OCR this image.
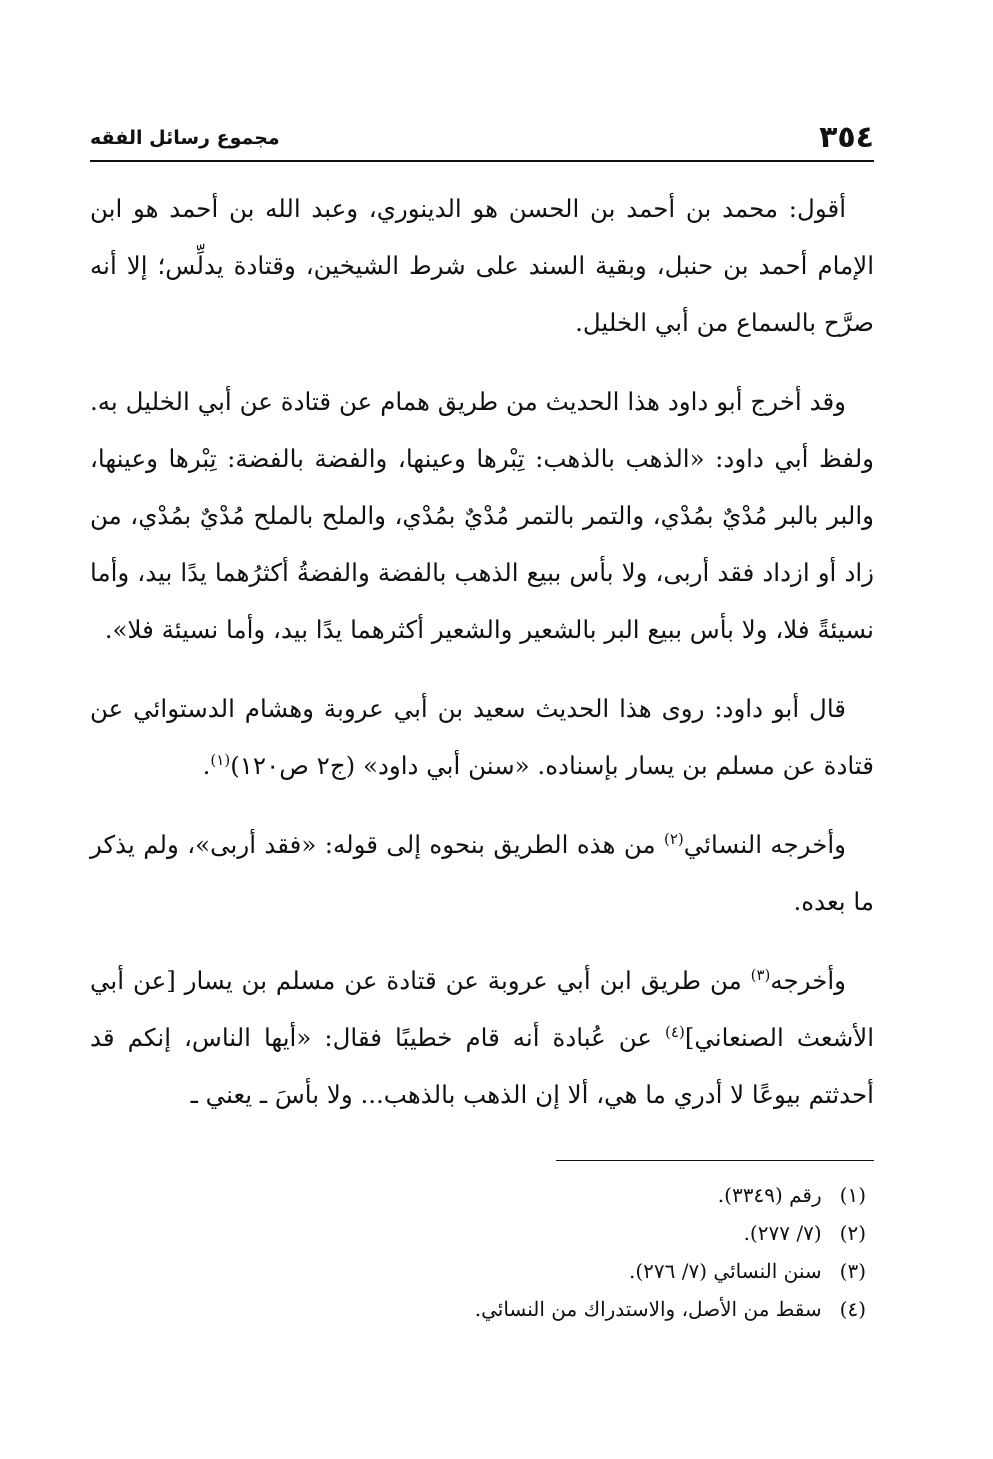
٣٥٤
مجموع رسائل الفقه

أقول: محمد بن أحمد بن الحسن هو الدينوري، وعبد الله بن أحمد هو ابن الإمام أحمد بن حنبل، وبقية السند على شرط الشيخين، وقتادة يدلِّس؛ إلا أنه صرَّح بالسماع من أبي الخليل.

وقد أخرج أبو داود هذا الحديث من طريق همام عن قتادة عن أبي الخليل به. ولفظ أبي داود: «الذهب بالذهب: تِبْرها وعينها، والفضة بالفضة: تِبْرها وعينها، والبر بالبر مُدْيٌ بمُدْي، والتمر بالتمر مُدْيٌ بمُدْي، والملح بالملح مُدْيٌ بمُدْي، من زاد أو ازداد فقد أربى، ولا بأس ببيع الذهب بالفضة والفضةُ أكثرُهما يدًا بيد، وأما نسيئةً فلا، ولا بأس ببيع البر بالشعير والشعير أكثرهما يدًا بيد، وأما نسيئة فلا».

قال أبو داود: روى هذا الحديث سعيد بن أبي عروبة وهشام الدستوائي عن قتادة عن مسلم بن يسار بإسناده. «سنن أبي داود» (ج٢ ص١٢٠)$^{(١)}$.

وأخرجه النسائي$^{(٢)}$ من هذه الطريق بنحوه إلى قوله: «فقد أربى»، ولم يذكر ما بعده.

وأخرجه$^{(٣)}$ من طريق ابن أبي عروبة عن قتادة عن مسلم بن يسار [عن أبي الأشعث الصنعاني]$^{(٤)}$ عن عُبادة أنه قام خطيبًا فقال: «أيها الناس، إنكم قد أحدثتم بيوعًا لا أدري ما هي، ألا إن الذهب بالذهب... ولا بأسَ ـ يعني ـ

(١) رقم (٣٣٤٩).
(٢) (٧/ ٢٧٧).
(٣) سنن النسائي (٧/ ٢٧٦).
(٤) سقط من الأصل، والاستدراك من النسائي.
